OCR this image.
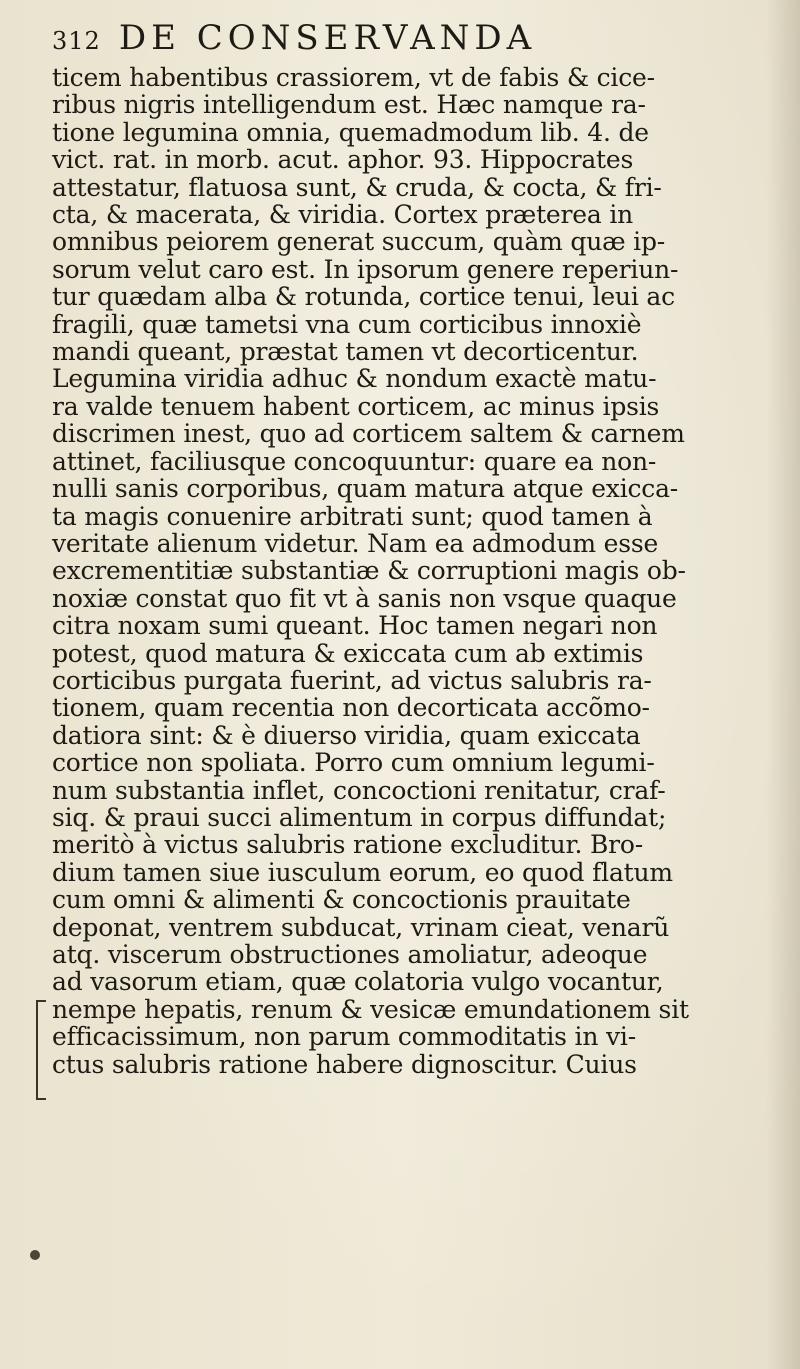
312 DE CONSERVANDA
ticem habentibus crassiorem, vt de fabis & cice-
ribus nigris intelligendum est. Hæc namque ra-
tione legumina omnia, quemadmodum lib. 4. de
vict. rat. in morb. acut. aphor. 93. Hippocrates
attestatur, flatuosa sunt, & cruda, & cocta, & fri-
cta, & macerata, & viridia. Cortex præterea in
omnibus peiorem generat succum, quàm quæ ip-
sorum velut caro est. In ipsorum genere reperiun-
tur quædam alba & rotunda, cortice tenui, leui ac
fragili, quæ tametsi vna cum corticibus innoxiè
mandi queant, præstat tamen vt decorticentur.
Legumina viridia adhuc & nondum exactè matu-
ra valde tenuem habent corticem, ac minus ipsis
discrimen inest, quo ad corticem saltem & carnem
attinet, faciliusque concoquuntur: quare ea non-
nulli sanis corporibus, quam matura atque exicca-
ta magis conuenire arbitrati sunt; quod tamen à
veritate alienum videtur. Nam ea admodum esse
excrementitiæ substantiæ & corruptioni magis ob-
noxiæ constat quo fit vt à sanis non vsque quaque
citra noxam sumi queant. Hoc tamen negari non
potest, quod matura & exiccata cum ab extimis
corticibus purgata fuerint, ad victus salubris ra-
tionem, quam recentia non decorticata accõmo-
datiora sint: & è diuerso viridia, quam exiccata
cortice non spoliata. Porro cum omnium legumi-
num substantia inflet, concoctioni renitatur, craf-
siq. & praui succi alimentum in corpus diffundat;
meritò à victus salubris ratione excluditur. Bro-
dium tamen siue iusculum eorum, eo quod flatum
cum omni & alimenti & concoctionis prauitate
deponat, ventrem subducat, vrinam cieat, venarũ
atq. viscerum obstructiones amoliatur, adeoque
ad vasorum etiam, quæ colatoria vulgo vocantur,
nempe hepatis, renum & vesicæ emundationem sit
efficacissimum, non parum commoditatis in vi-
ctus salubris ratione habere dignoscitur. Cuius
